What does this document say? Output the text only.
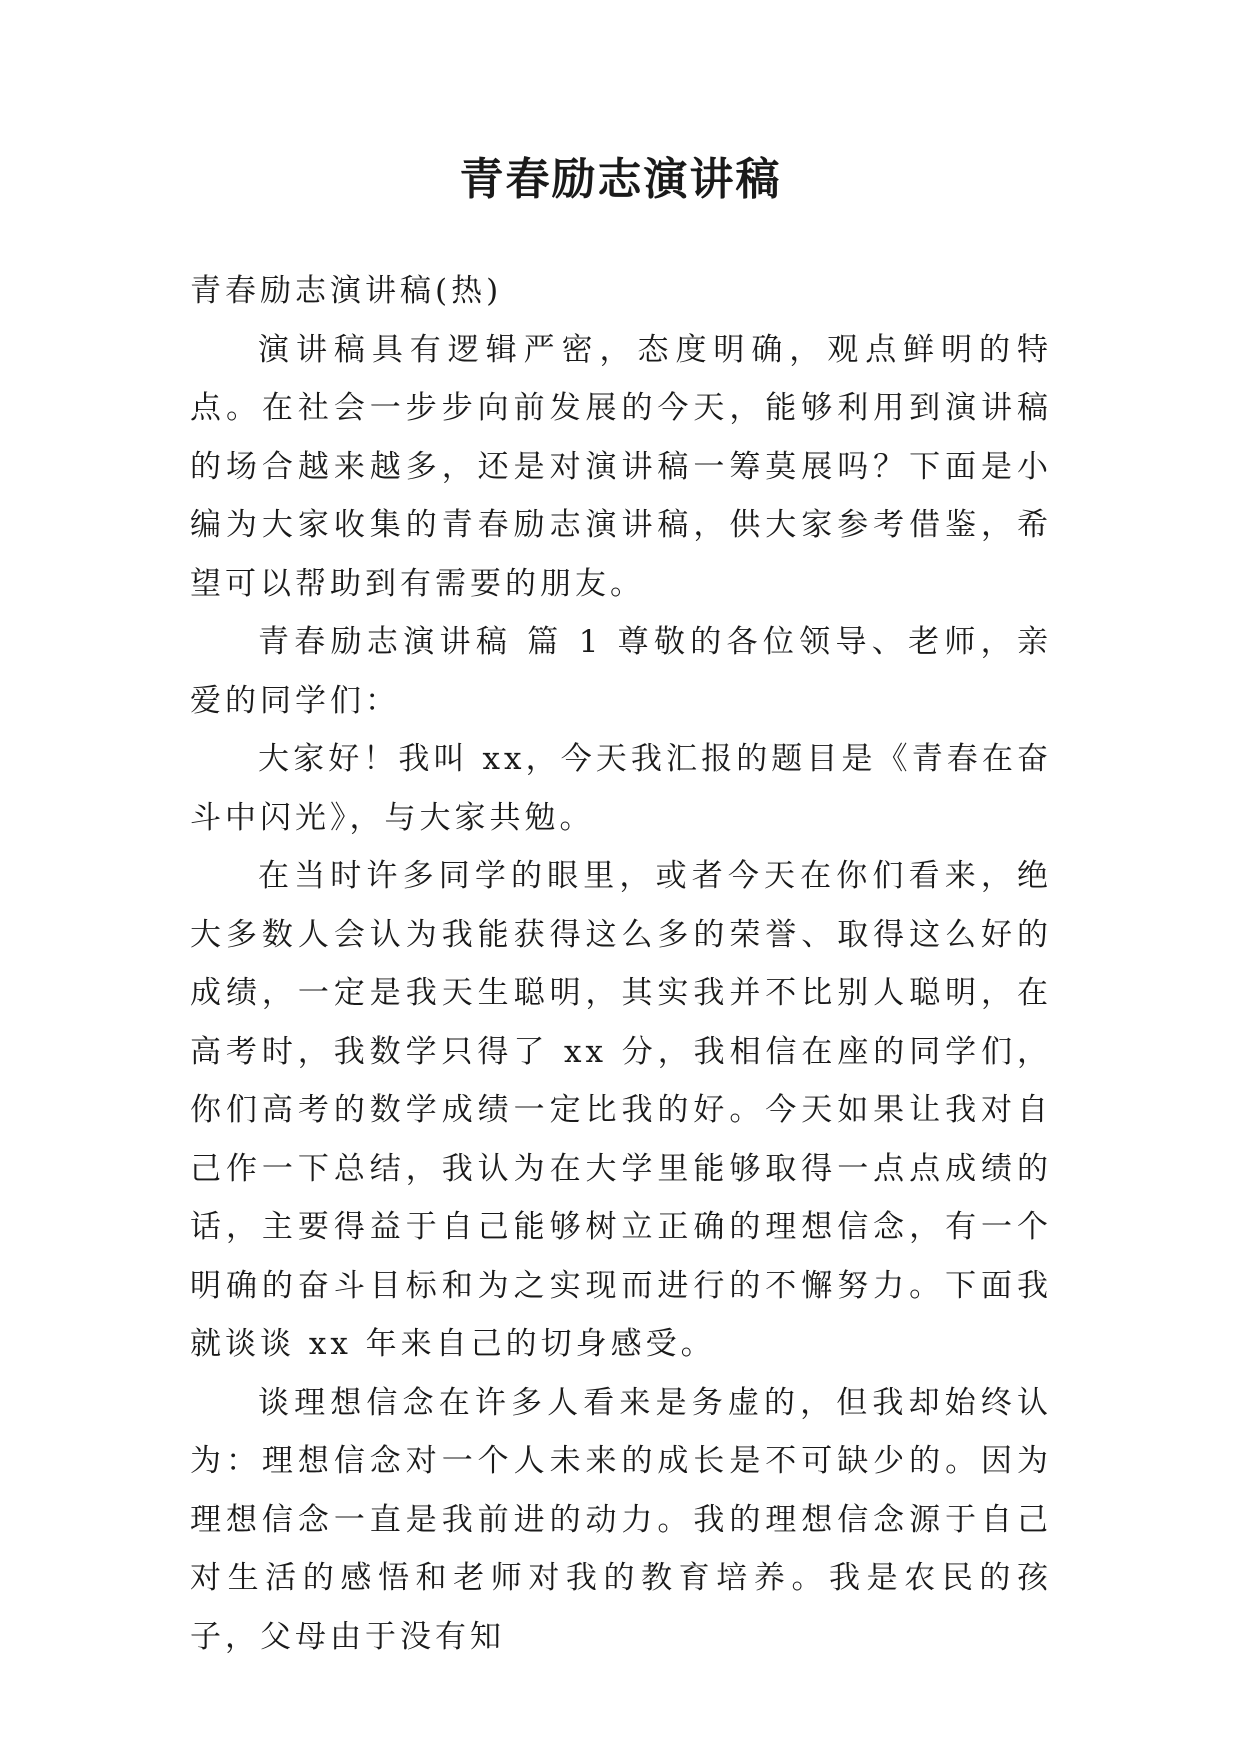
青春励志演讲稿

青春励志演讲稿(热)

演讲稿具有逻辑严密，态度明确，观点鲜明的特点。在社会一步步向前发展的今天，能够利用到演讲稿的场合越来越多，还是对演讲稿一筹莫展吗？下面是小编为大家收集的青春励志演讲稿，供大家参考借鉴，希望可以帮助到有需要的朋友。

青春励志演讲稿 篇 1 尊敬的各位领导、老师，亲爱的同学们：

大家好！我叫 xx，今天我汇报的题目是《青春在奋斗中闪光》，与大家共勉。

在当时许多同学的眼里，或者今天在你们看来，绝大多数人会认为我能获得这么多的荣誉、取得这么好的成绩，一定是我天生聪明，其实我并不比别人聪明，在高考时，我数学只得了 xx 分，我相信在座的同学们，你们高考的数学成绩一定比我的好。今天如果让我对自己作一下总结，我认为在大学里能够取得一点点成绩的话，主要得益于自己能够树立正确的理想信念，有一个明确的奋斗目标和为之实现而进行的不懈努力。下面我就谈谈 xx 年来自己的切身感受。

谈理想信念在许多人看来是务虚的，但我却始终认为：理想信念对一个人未来的成长是不可缺少的。因为理想信念一直是我前进的动力。我的理想信念源于自己对生活的感悟和老师对我的教育培养。我是农民的孩子，父母由于没有知
